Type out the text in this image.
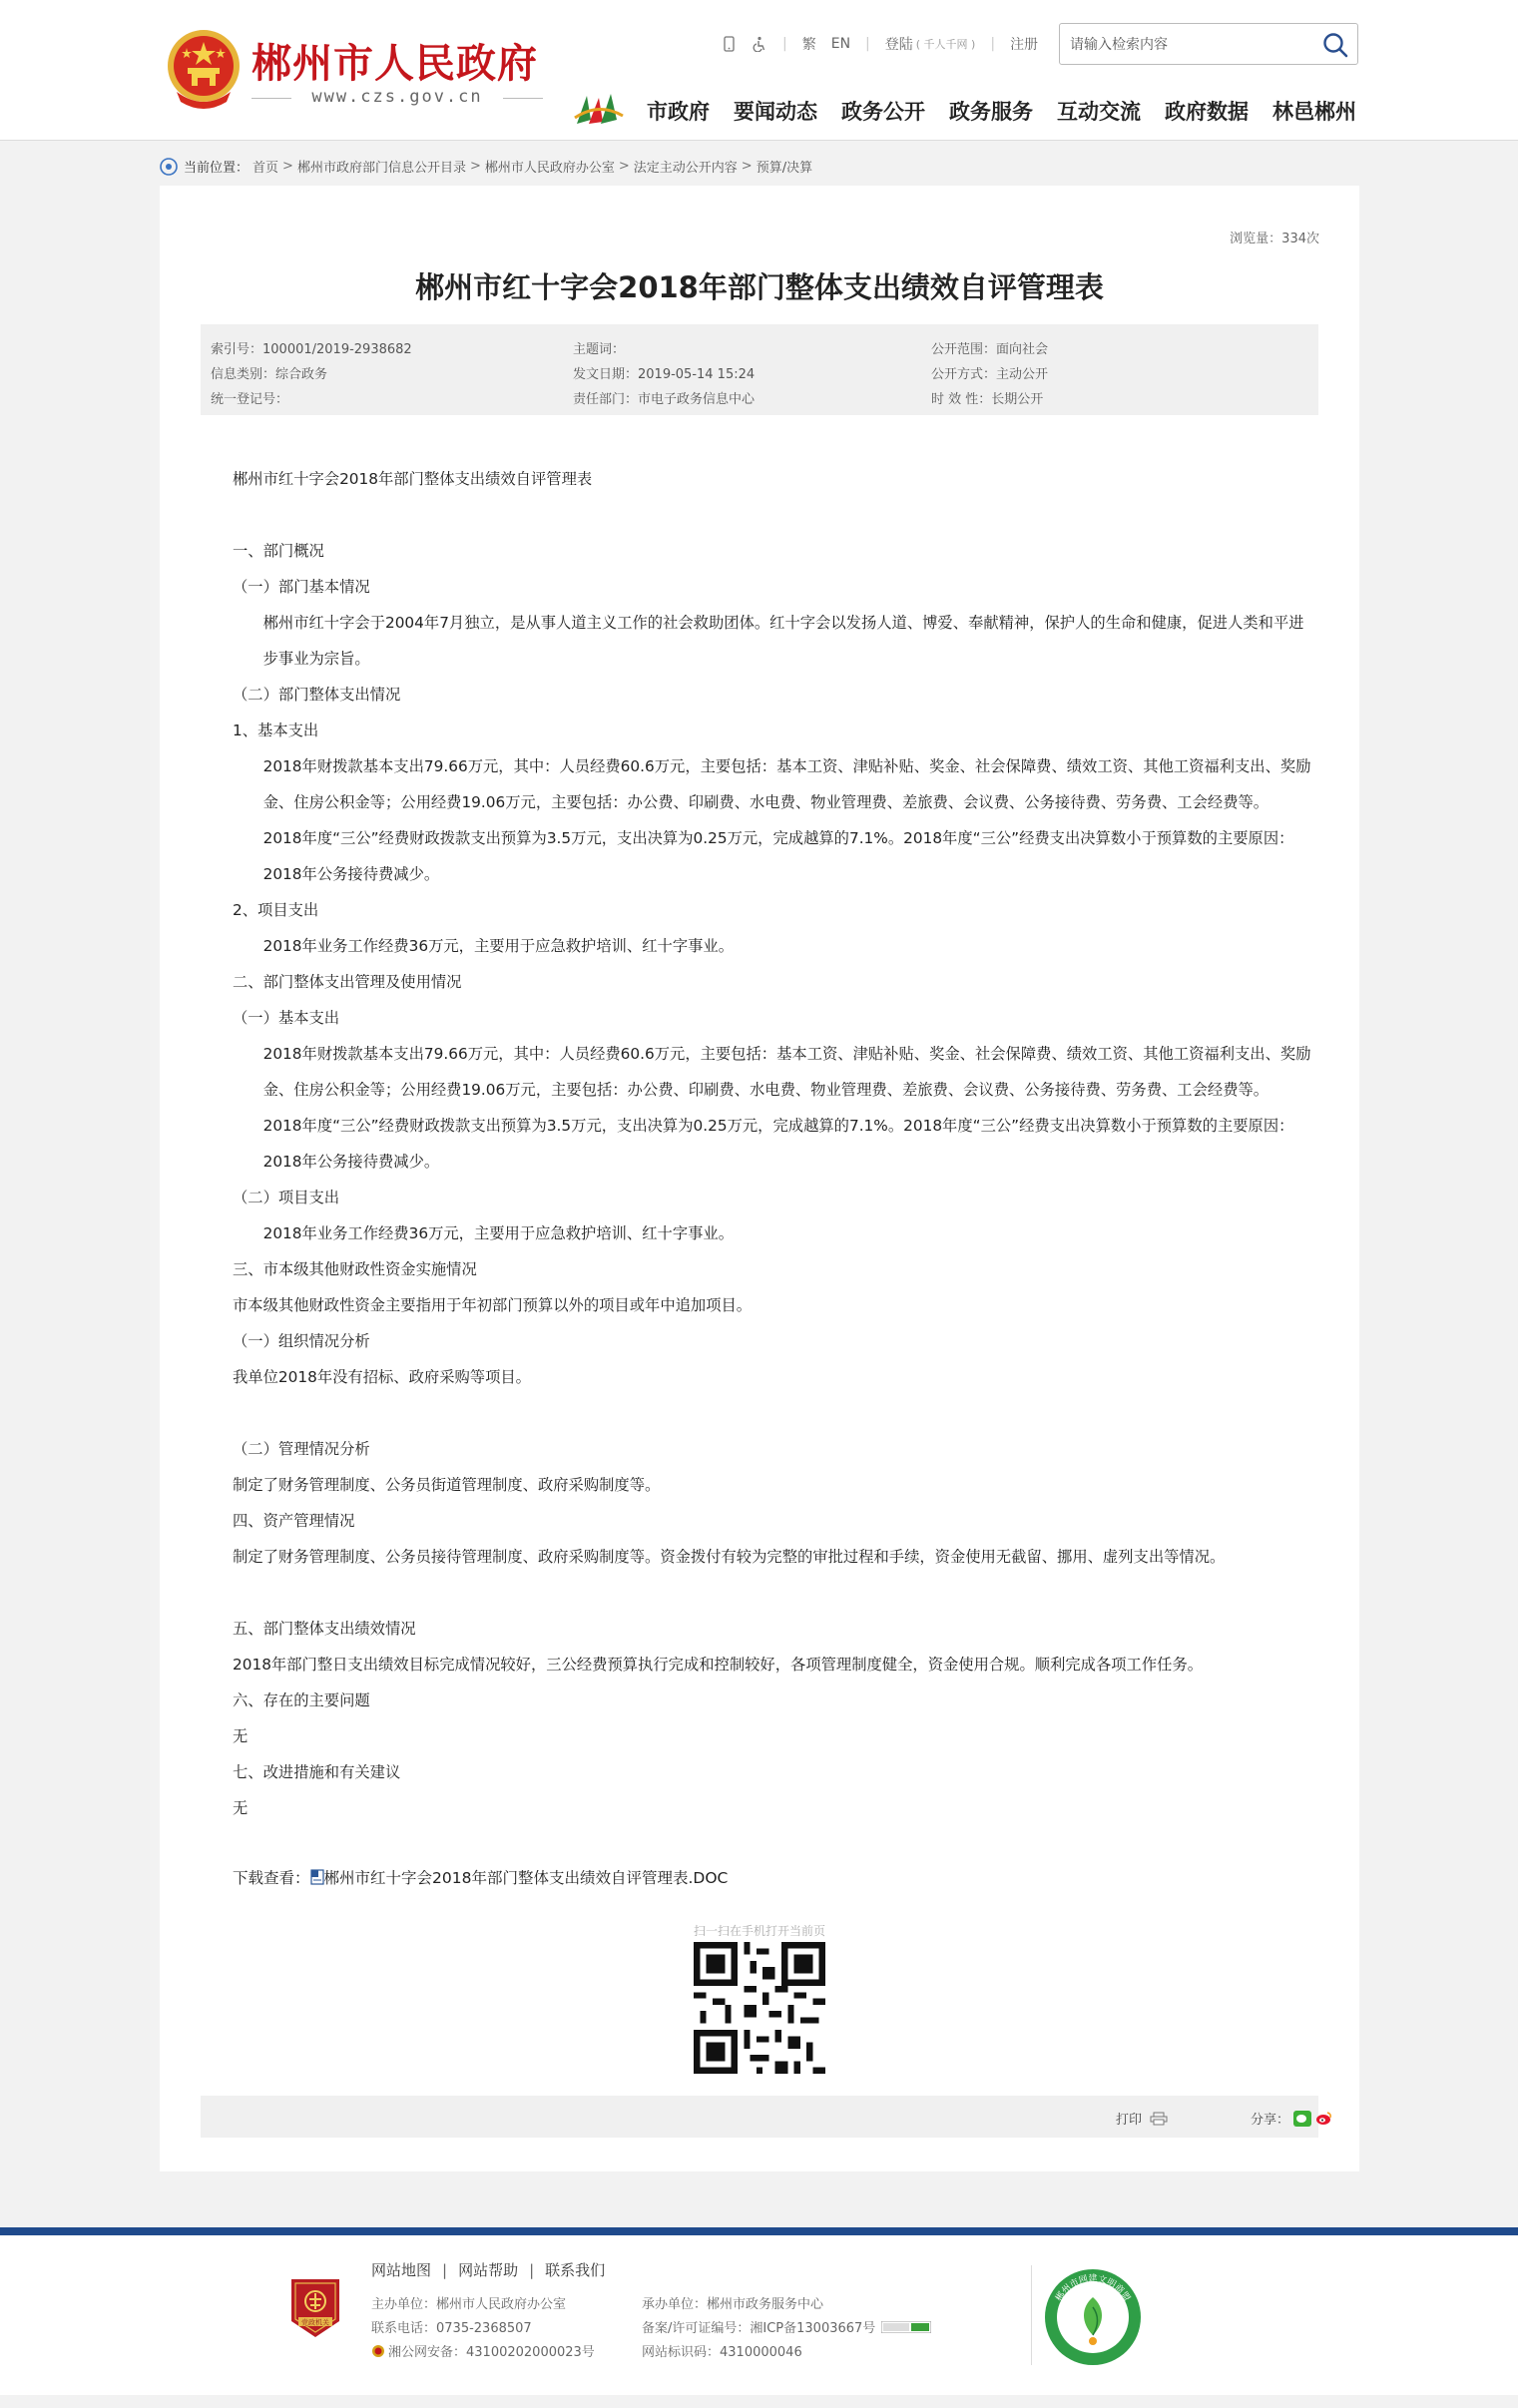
郴州市人民政府
www.czs.gov.cn
| 繁 EN | 登陆 ( 千人千网 ) | 注册
请输入检索内容
市政府 要闻动态 政务公开 政务服务 互动交流 政府数据 林邑郴州
当前位置： 首页 > 郴州市政府部门信息公开目录 > 郴州市人民政府办公室 > 法定主动公开内容 > 预算/决算
浏览量：334次
郴州市红十字会2018年部门整体支出绩效自评管理表
索引号：100001/2019-2938682
信息类别：综合政务
统一登记号：
主题词：
发文日期：2019-05-14 15:24
责任部门：市电子政务信息中心
公开范围：面向社会
公开方式：主动公开
时 效 性：长期公开

郴州市红十字会2018年部门整体支出绩效自评管理表

一、部门概况

（一）部门基本情况

郴州市红十字会于2004年7月独立，是从事人道主义工作的社会救助团体。红十字会以发扬人道、博爱、奉献精神，保护人的生命和健康，促进人类和平进步事业为宗旨。

（二）部门整体支出情况

1、基本支出

2018年财拨款基本支出79.66万元，其中：人员经费60.6万元，主要包括：基本工资、津贴补贴、奖金、社会保障费、绩效工资、其他工资福利支出、奖励金、住房公积金等；公用经费19.06万元，主要包括：办公费、印刷费、水电费、物业管理费、差旅费、会议费、公务接待费、劳务费、工会经费等。

2018年度“三公”经费财政拨款支出预算为3.5万元，支出决算为0.25万元，完成越算的7.1%。2018年度“三公”经费支出决算数小于预算数的主要原因：2018年公务接待费减少。

2、项目支出

2018年业务工作经费36万元，主要用于应急救护培训、红十字事业。

二、部门整体支出管理及使用情况

（一）基本支出

2018年财拨款基本支出79.66万元，其中：人员经费60.6万元，主要包括：基本工资、津贴补贴、奖金、社会保障费、绩效工资、其他工资福利支出、奖励金、住房公积金等；公用经费19.06万元，主要包括：办公费、印刷费、水电费、物业管理费、差旅费、会议费、公务接待费、劳务费、工会经费等。

2018年度“三公”经费财政拨款支出预算为3.5万元，支出决算为0.25万元，完成越算的7.1%。2018年度“三公”经费支出决算数小于预算数的主要原因：2018年公务接待费减少。

（二）项目支出

2018年业务工作经费36万元，主要用于应急救护培训、红十字事业。

三、市本级其他财政性资金实施情况

市本级其他财政性资金主要指用于年初部门预算以外的项目或年中追加项目。

（一）组织情况分析

我单位2018年没有招标、政府采购等项目。

（二）管理情况分析

制定了财务管理制度、公务员街道管理制度、政府采购制度等。

四、资产管理情况

制定了财务管理制度、公务员接待管理制度、政府采购制度等。资金拨付有较为完整的审批过程和手续，资金使用无截留、挪用、虚列支出等情况。

五、部门整体支出绩效情况

2018年部门整日支出绩效目标完成情况较好，三公经费预算执行完成和控制较好，各项管理制度健全，资金使用合规。顺利完成各项工作任务。

六、存在的主要问题

无

七、改进措施和有关建议

无

下载查看： 郴州市红十字会2018年部门整体支出绩效自评管理表.DOC
扫一扫在手机打开当前页
打印	分享：
党政机关
网站地图 | 网站帮助 | 联系我们
主办单位：郴州市人民政府办公室
联系电话：0735-2368507
湘公网安备：43100202000023号
承办单位：郴州市政务服务中心
备案/许可证编号：湘ICP备13003667号
网站标识码：4310000046
郴州市网建文明商盟
